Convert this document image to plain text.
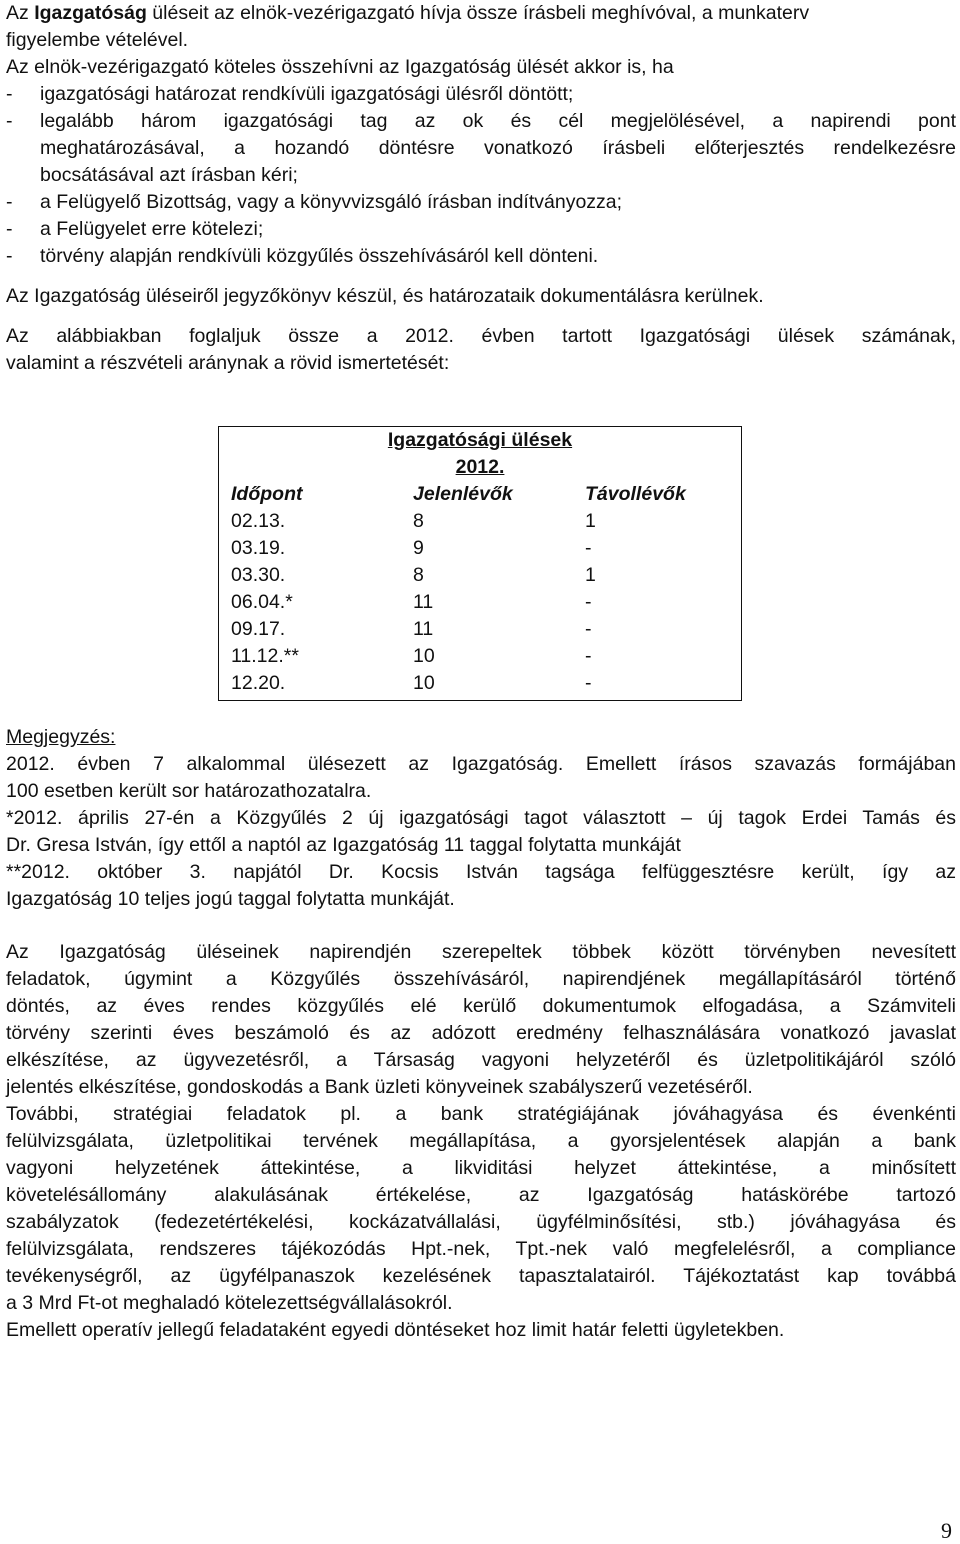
Az Igazgatóság üléseit az elnök-vezérigazgató hívja össze írásbeli meghívóval, a munkaterv
figyelembe vételével.
Az elnök-vezérigazgató köteles összehívni az Igazgatóság ülését akkor is, ha
-	igazgatósági határozat rendkívüli igazgatósági ülésről döntött;
-	legalább három igazgatósági tag az ok és cél megjelölésével, a napirendi pont
meghatározásával, a hozandó döntésre vonatkozó írásbeli előterjesztés rendelkezésre
bocsátásával azt írásban kéri;
-	a Felügyelő Bizottság, vagy a könyvvizsgáló írásban indítványozza;
-	a Felügyelet erre kötelezi;
-	törvény alapján rendkívüli közgyűlés összehívásáról kell dönteni.
Az Igazgatóság üléseiről jegyzőkönyv készül, és határozataik dokumentálásra kerülnek.
Az alábbiakban foglaljuk össze a 2012. évben tartott Igazgatósági ülések számának,
valamint a részvételi aránynak a rövid ismertetését:
Igazgatósági ülések
2012.
Időpont	Jelenlévők	Távollévők
02.13.	8	1
03.19.	9	-
03.30.	8	1
06.04.*	11	-
09.17.	11	-
11.12.**	10	-
12.20.	10	-
Megjegyzés:
2012. évben 7 alkalommal ülésezett az Igazgatóság. Emellett írásos szavazás formájában
100 esetben került sor határozathozatalra.
*2012. április 27-én a Közgyűlés 2 új igazgatósági tagot választott – új tagok Erdei Tamás és
Dr. Gresa István, így ettől a naptól az Igazgatóság 11 taggal folytatta munkáját
**2012. október 3. napjától Dr. Kocsis István tagsága felfüggesztésre került, így az
Igazgatóság 10 teljes jogú taggal folytatta munkáját.
Az Igazgatóság üléseinek napirendjén szerepeltek többek között törvényben nevesített
feladatok, úgymint a Közgyűlés összehívásáról, napirendjének megállapításáról történő
döntés, az éves rendes közgyűlés elé kerülő dokumentumok elfogadása, a Számviteli
törvény szerinti éves beszámoló és az adózott eredmény felhasználására vonatkozó javaslat
elkészítése, az ügyvezetésről, a Társaság vagyoni helyzetéről és üzletpolitikájáról szóló
jelentés elkészítése, gondoskodás a Bank üzleti könyveinek szabályszerű vezetéséről.
További, stratégiai feladatok pl. a bank stratégiájának jóváhagyása és évenkénti
felülvizsgálata, üzletpolitikai tervének megállapítása, a gyorsjelentések alapján a bank
vagyoni helyzetének áttekintése, a likviditási helyzet áttekintése, a minősített
követelésállomány alakulásának értékelése, az Igazgatóság hatáskörébe tartozó
szabályzatok (fedezetértékelési, kockázatvállalási, ügyfélminősítési, stb.) jóváhagyása és
felülvizsgálata, rendszeres tájékozódás Hpt.-nek, Tpt.-nek való megfelelésről, a compliance
tevékenységről, az ügyfélpanaszok kezelésének tapasztalatairól. Tájékoztatást kap továbbá
a 3 Mrd Ft-ot meghaladó kötelezettségvállalásokról.
Emellett operatív jellegű feladataként egyedi döntéseket hoz limit határ feletti ügyletekben.
9
